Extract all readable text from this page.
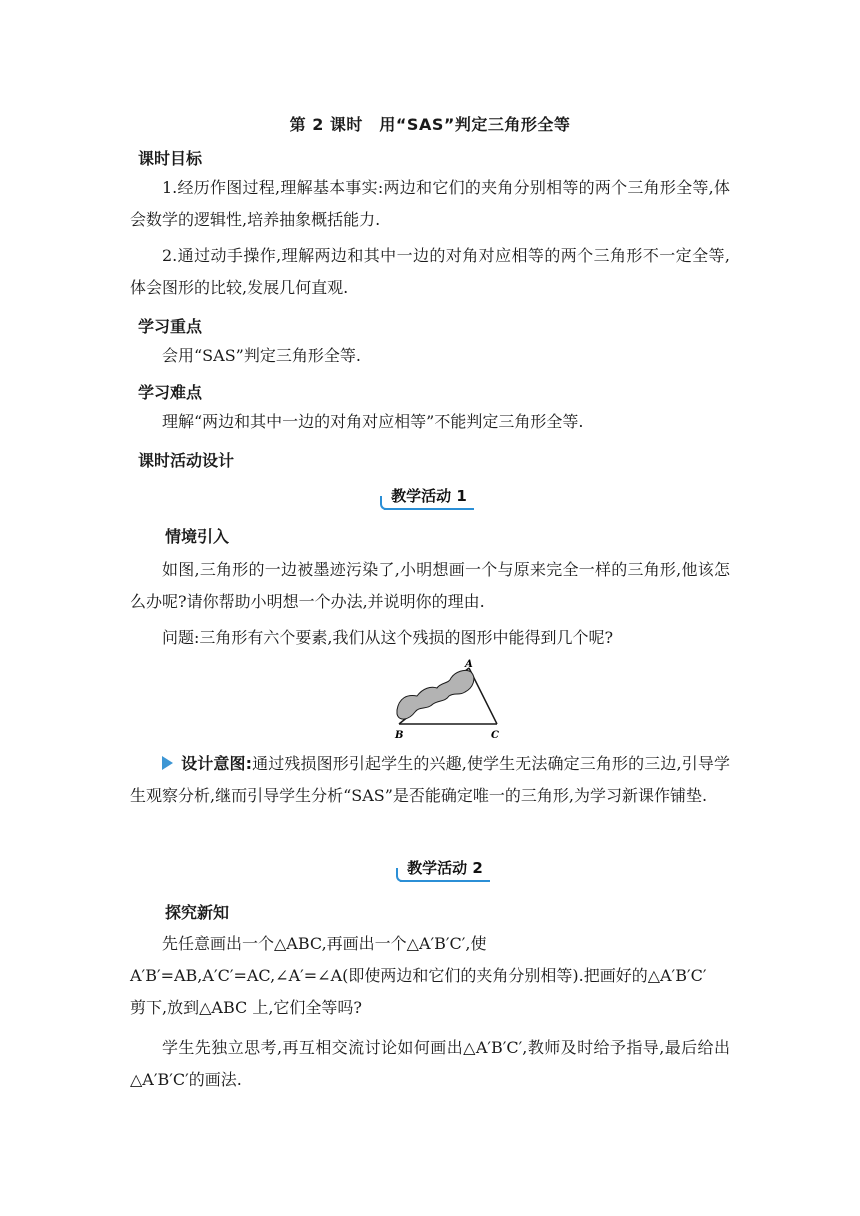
第 2 课时　用“SAS”判定三角形全等
课时目标
1.经历作图过程,理解基本事实:两边和它们的夹角分别相等的两个三角形全等,体会数学的逻辑性,培养抽象概括能力.
2.通过动手操作,理解两边和其中一边的对角对应相等的两个三角形不一定全等,体会图形的比较,发展几何直观.
学习重点
会用“SAS”判定三角形全等.
学习难点
理解“两边和其中一边的对角对应相等”不能判定三角形全等.
课时活动设计
教学活动 1
情境引入
如图,三角形的一边被墨迹污染了,小明想画一个与原来完全一样的三角形,他该怎么办呢?请你帮助小明想一个办法,并说明你的理由.
问题:三角形有六个要素,我们从这个残损的图形中能得到几个呢?
A
B	C
设计意图:通过残损图形引起学生的兴趣,使学生无法确定三角形的三边,引导学生观察分析,继而引导学生分析“SAS”是否能确定唯一的三角形,为学习新课作铺垫.
教学活动 2
探究新知
先任意画出一个△ABC,再画出一个△A′B′C′,使
A′B′=AB,A′C′=AC,∠A′=∠A(即使两边和它们的夹角分别相等).把画好的△A′B′C′
剪下,放到△ABC 上,它们全等吗?
学生先独立思考,再互相交流讨论如何画出△A′B′C′,教师及时给予指导,最后给出△A′B′C′的画法.
